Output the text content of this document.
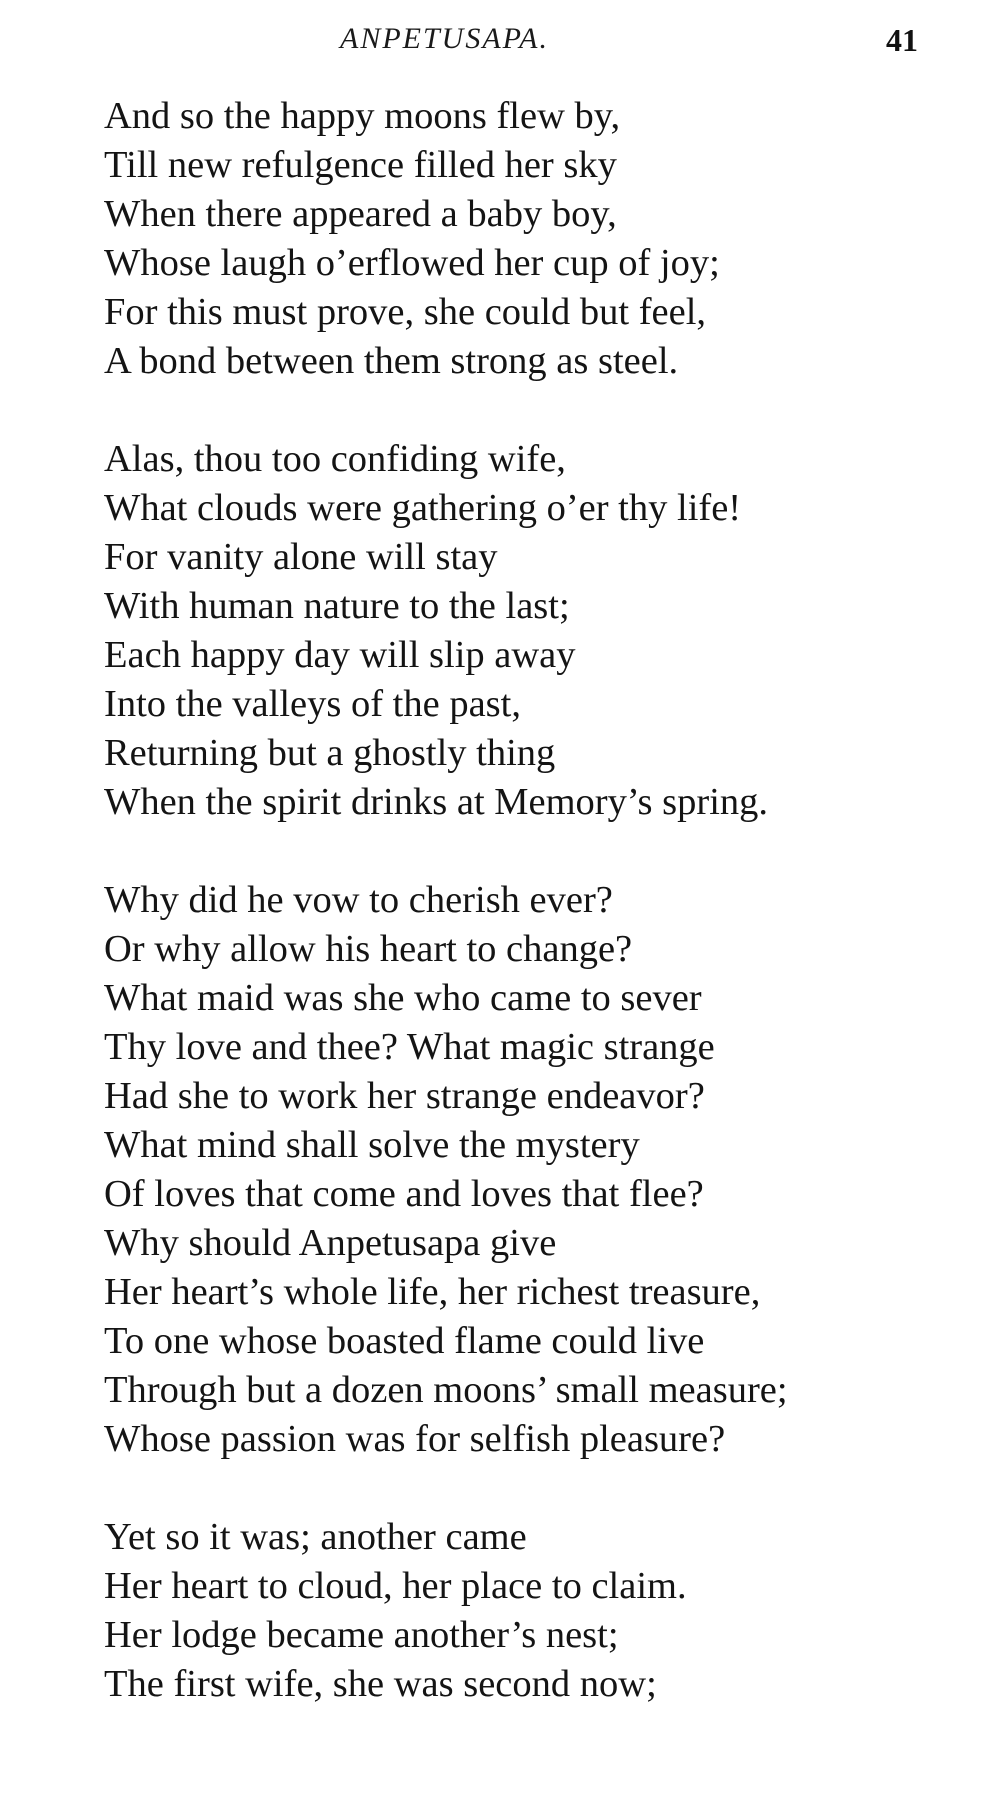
ANPETUSAPA.	41
And so the happy moons flew by,
Till new refulgence filled her sky
When there appeared a baby boy,
Whose laugh o’erflowed her cup of joy;
For this must prove, she could but feel,
A bond between them strong as steel.
Alas, thou too confiding wife,
What clouds were gathering o’er thy life!
For vanity alone will stay
With human nature to the last;
Each happy day will slip away
Into the valleys of the past,
Returning but a ghostly thing
When the spirit drinks at Memory’s spring.
Why did he vow to cherish ever?
Or why allow his heart to change?
What maid was she who came to sever
Thy love and thee? What magic strange
Had she to work her strange endeavor?
What mind shall solve the mystery
Of loves that come and loves that flee?
Why should Anpetusapa give
Her heart’s whole life, her richest treasure,
To one whose boasted flame could live
Through but a dozen moons’ small measure;
Whose passion was for selfish pleasure?
Yet so it was; another came
Her heart to cloud, her place to claim.
Her lodge became another’s nest;
The first wife, she was second now;
